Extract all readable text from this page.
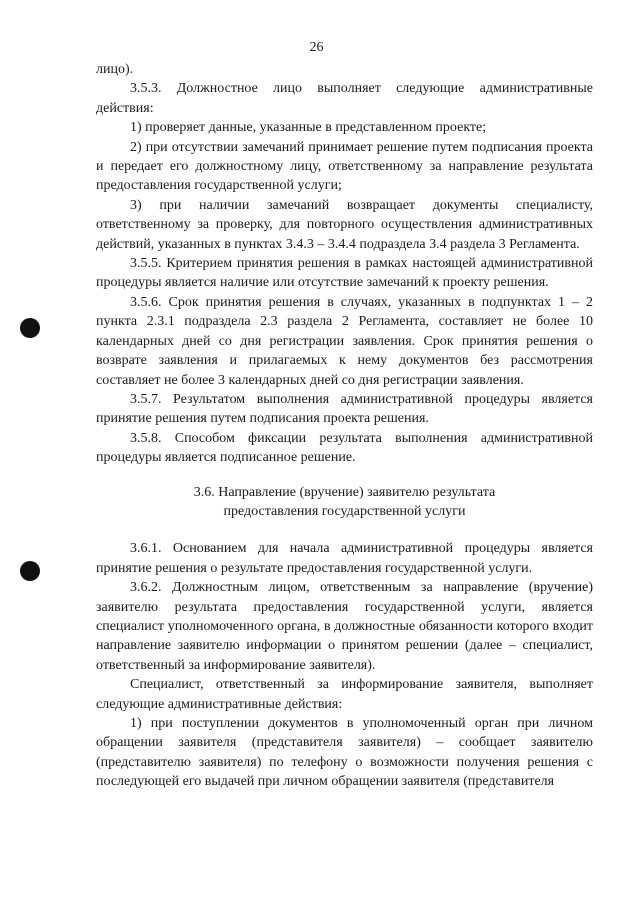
26

лицо).

3.5.3. Должностное лицо выполняет следующие административные действия:

1) проверяет данные, указанные в представленном проекте;

2) при отсутствии замечаний принимает решение путем подписания проекта и передает его должностному лицу, ответственному за направление результата предоставления государственной услуги;

3) при наличии замечаний возвращает документы специалисту, ответственному за проверку, для повторного осуществления административных действий, указанных в пунктах 3.4.3 – 3.4.4 подраздела 3.4 раздела 3 Регламента.

3.5.5. Критерием принятия решения в рамках настоящей административной процедуры является наличие или отсутствие замечаний к проекту решения.

3.5.6. Срок принятия решения в случаях, указанных в подпунктах 1 – 2 пункта 2.3.1 подраздела 2.3 раздела 2 Регламента, составляет не более 10 календарных дней со дня регистрации заявления. Срок принятия решения о возврате заявления и прилагаемых к нему документов без рассмотрения составляет не более 3 календарных дней со дня регистрации заявления.

3.5.7. Результатом выполнения административной процедуры является принятие решения путем подписания проекта решения.

3.5.8. Способом фиксации результата выполнения административной процедуры является подписанное решение.

3.6. Направление (вручение) заявителю результата
предоставления государственной услуги

3.6.1. Основанием для начала административной процедуры является принятие решения о результате предоставления государственной услуги.

3.6.2. Должностным лицом, ответственным за направление (вручение) заявителю результата предоставления государственной услуги, является специалист уполномоченного органа, в должностные обязанности которого входит направление заявителю информации о принятом решении (далее – специалист, ответственный за информирование заявителя).

Специалист, ответственный за информирование заявителя, выполняет следующие административные действия:

1) при поступлении документов в уполномоченный орган при личном обращении заявителя (представителя заявителя) – сообщает заявителю (представителю заявителя) по телефону о возможности получения решения с последующей его выдачей при личном обращении заявителя (представителя
